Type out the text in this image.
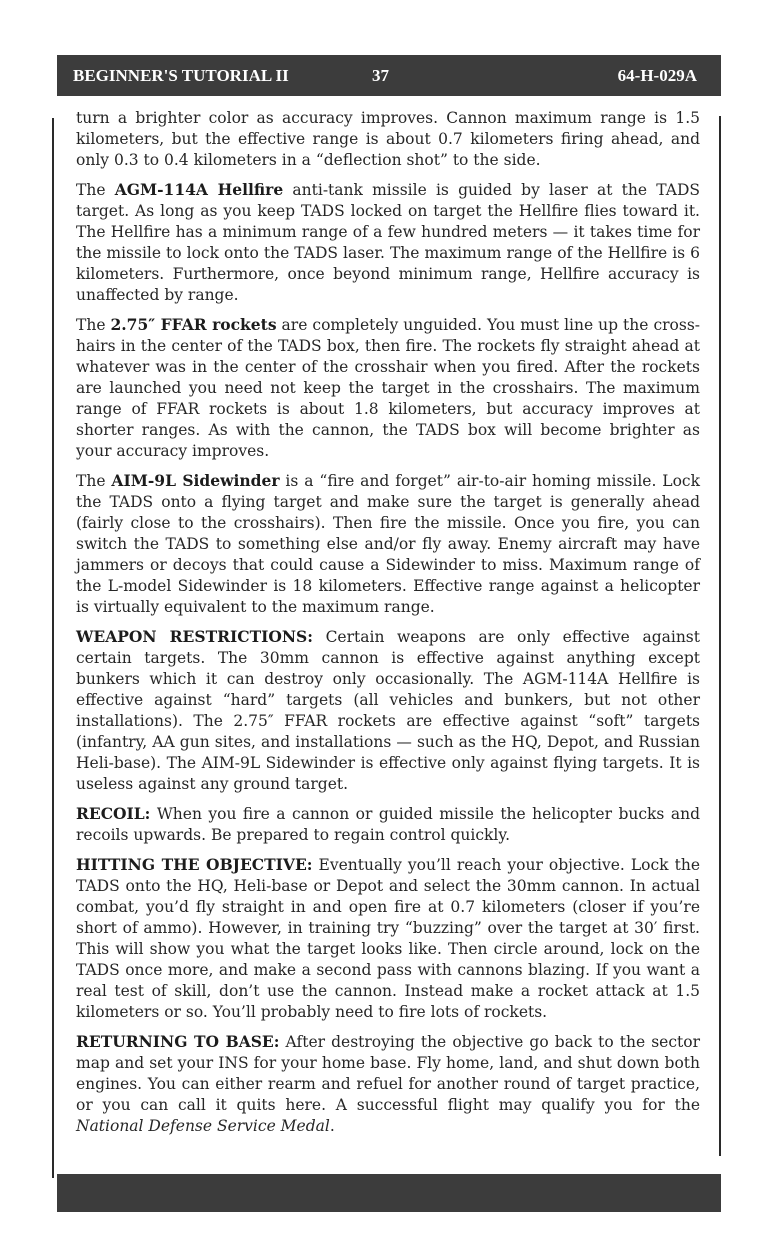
BEGINNER'S TUTORIAL II	37	64-H-029A

turn a brighter color as accuracy improves. Cannon maximum range is 1.5 kilometers, but the effective range is about 0.7 kilometers firing ahead, and only 0.3 to 0.4 kilometers in a “deflection shot” to the side.

The AGM-114A Hellfire anti-tank missile is guided by laser at the TADS target. As long as you keep TADS locked on target the Hellfire flies toward it. The Hellfire has a minimum range of a few hundred meters — it takes time for the missile to lock onto the TADS laser. The maximum range of the Hellfire is 6 kilometers. Furthermore, once beyond minimum range, Hellfire accuracy is unaffected by range.

The 2.75″ FFAR rockets are completely unguided. You must line up the cross-hairs in the center of the TADS box, then fire. The rockets fly straight ahead at whatever was in the center of the crosshair when you fired. After the rockets are launched you need not keep the target in the crosshairs. The maximum range of FFAR rockets is about 1.8 kilometers, but accuracy improves at shorter ranges. As with the cannon, the TADS box will become brighter as your accuracy improves.

The AIM-9L Sidewinder is a “fire and forget” air-to-air homing missile. Lock the TADS onto a flying target and make sure the target is generally ahead (fairly close to the crosshairs). Then fire the missile. Once you fire, you can switch the TADS to something else and/or fly away. Enemy aircraft may have jammers or decoys that could cause a Sidewinder to miss. Maximum range of the L-model Sidewinder is 18 kilometers. Effective range against a helicopter is virtually equivalent to the maximum range.

WEAPON RESTRICTIONS: Certain weapons are only effective against certain targets. The 30mm cannon is effective against anything except bunkers which it can destroy only occasionally. The AGM-114A Hellfire is effective against “hard” targets (all vehicles and bunkers, but not other installations). The 2.75″ FFAR rockets are effective against “soft” targets (infantry, AA gun sites, and installations — such as the HQ, Depot, and Russian Heli-base). The AIM-9L Sidewinder is effective only against flying targets. It is useless against any ground target.

RECOIL: When you fire a cannon or guided missile the helicopter bucks and recoils upwards. Be prepared to regain control quickly.

HITTING THE OBJECTIVE: Eventually you’ll reach your objective. Lock the TADS onto the HQ, Heli-base or Depot and select the 30mm cannon. In actual combat, you’d fly straight in and open fire at 0.7 kilometers (closer if you’re short of ammo). However, in training try “buzzing” over the target at 30′ first. This will show you what the target looks like. Then circle around, lock on the TADS once more, and make a second pass with cannons blazing. If you want a real test of skill, don’t use the cannon. Instead make a rocket attack at 1.5 kilometers or so. You’ll probably need to fire lots of rockets.

RETURNING TO BASE: After destroying the objective go back to the sector map and set your INS for your home base. Fly home, land, and shut down both engines. You can either rearm and refuel for another round of target practice, or you can call it quits here. A successful flight may qualify you for the National Defense Service Medal.
